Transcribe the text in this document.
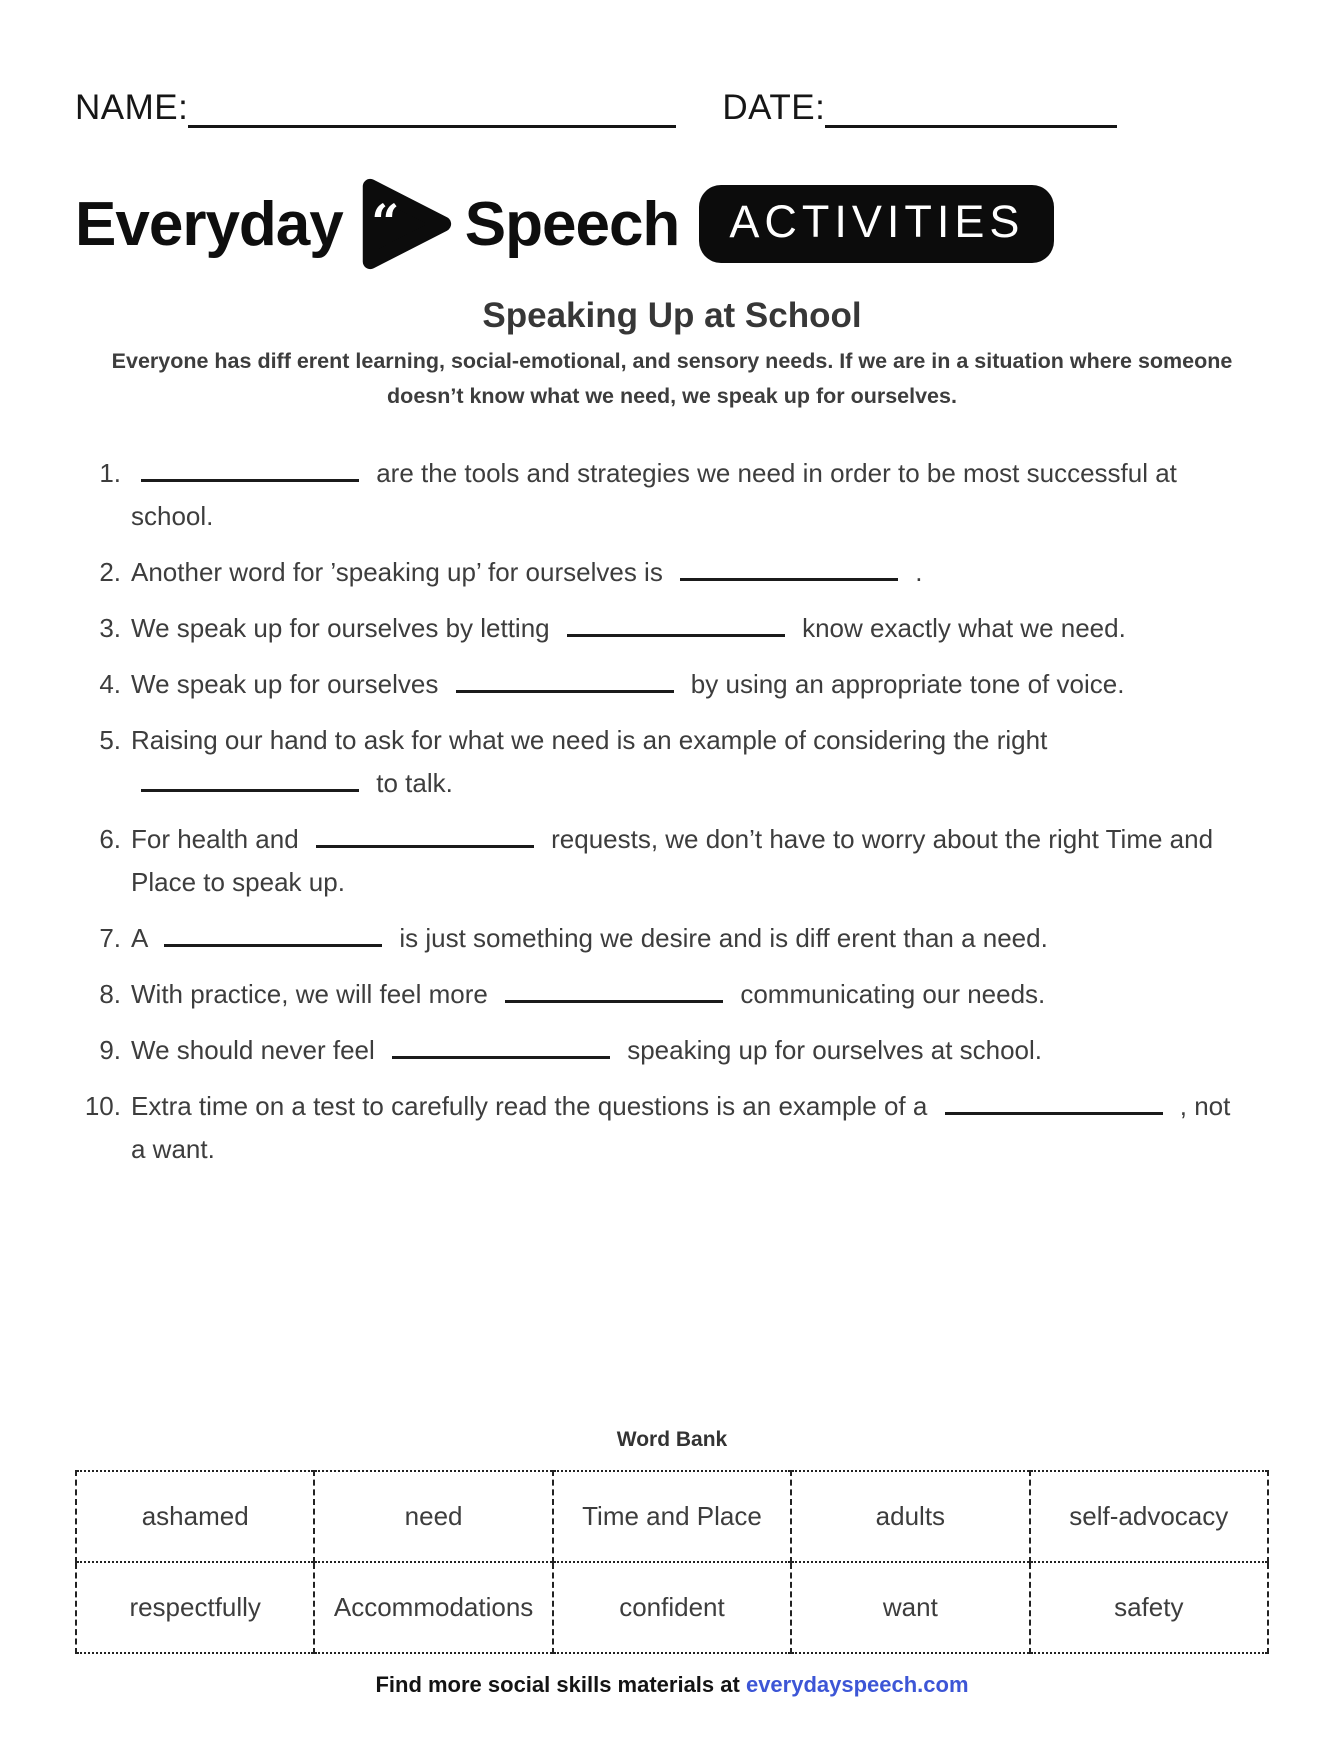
NAME:	DATE:
Everyday “ Speech	ACTIVITIES
Speaking Up at School
Everyone has diff erent learning, social-emotional, and sensory needs. If we are in a situation where someone
doesn’t know what we need, we speak up for ourselves.
1.	are the tools and strategies we need in order to be most successful at school.
2. Another word for ’speaking up’ for ourselves is	.
3. We speak up for ourselves by letting	know exactly what we need.
4. We speak up for ourselves	by using an appropriate tone of voice.
5. Raising our hand to ask for what we need is an example of considering the right  to talk.
6. For health and	requests, we don’t have to worry about the right Time and Place to speak up.
7. A	is just something we desire and is diff erent than a need.
8. With practice, we will feel more	communicating our needs.
9. We should never feel	speaking up for ourselves at school.
10. Extra time on a test to carefully read the questions is an example of a	, not a want.
Word Bank
ashamed	need	Time and Place	adults	self-advocacy
respectfully	Accommodations	confident	want	safety
Find more social skills materials at everydayspeech.com
